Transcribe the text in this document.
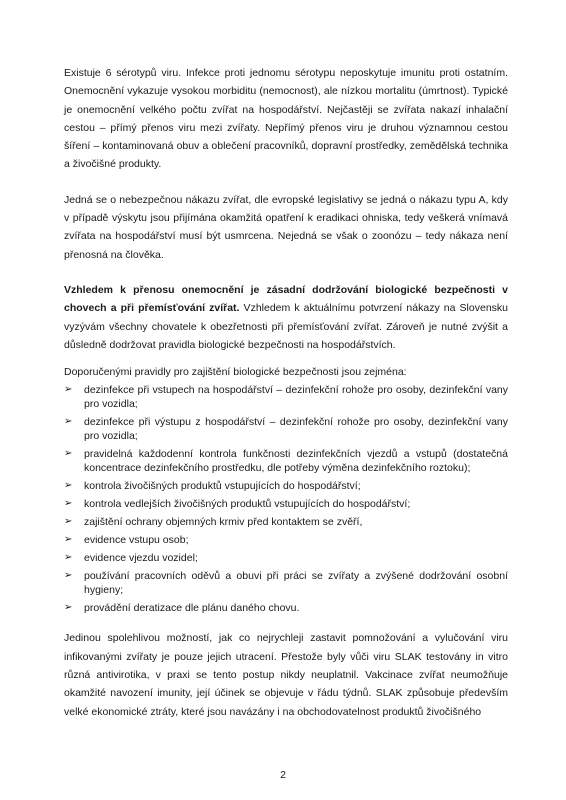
Existuje 6 sérotypů viru. Infekce proti jednomu sérotypu neposkytuje imunitu proti ostatním. Onemocnění vykazuje vysokou morbiditu (nemocnost), ale nízkou mortalitu (úmrtnost). Typické je onemocnění velkého počtu zvířat na hospodářství. Nejčastěji se zvířata nakazí inhalační cestou – přímý přenos viru mezi zvířaty. Nepřímý přenos viru je druhou významnou cestou šíření – kontaminovaná obuv a oblečení pracovníků, dopravní prostředky, zemědělská technika a živočišné produkty.

Jedná se o nebezpečnou nákazu zvířat, dle evropské legislativy se jedná o nákazu typu A, kdy v případě výskytu jsou přijímána okamžitá opatření k eradikaci ohniska, tedy veškerá vnímavá zvířata na hospodářství musí být usmrcena. Nejedná se však o zoonózu – tedy nákaza není přenosná na člověka.

Vzhledem k přenosu onemocnění je zásadní dodržování biologické bezpečnosti v chovech a při přemísťování zvířat. Vzhledem k aktuálnímu potvrzení nákazy na Slovensku vyzývám všechny chovatele k obezřetnosti při přemísťování zvířat. Zároveň je nutné zvýšit a důsledně dodržovat pravidla biologické bezpečnosti na hospodářstvích.

Doporučenými pravidly pro zajištění biologické bezpečnosti jsou zejména:

➢	dezinfekce při vstupech na hospodářství – dezinfekční rohože pro osoby, dezinfekční vany pro vozidla;
➢	dezinfekce při výstupu z hospodářství – dezinfekční rohože pro osoby, dezinfekční vany pro vozidla;
➢	pravidelná každodenní kontrola funkčnosti dezinfekčních vjezdů a vstupů (dostatečná koncentrace dezinfekčního prostředku, dle potřeby výměna dezinfekčního roztoku);
➢	kontrola živočišných produktů vstupujících do hospodářství;
➢	kontrola vedlejších živočišných produktů vstupujících do hospodářství;
➢	zajištění ochrany objemných krmiv před kontaktem se zvěří,
➢	evidence vstupu osob;
➢	evidence vjezdu vozidel;
➢	používání pracovních oděvů a obuvi při práci se zvířaty a zvýšené dodržování osobní hygieny;
➢	provádění deratizace dle plánu daného chovu.

Jedinou spolehlivou možností, jak co nejrychleji zastavit pomnožování a vylučování viru infikovanými zvířaty je pouze jejich utracení. Přestože byly vůči viru SLAK testovány in vitro různá antivirotika, v praxi se tento postup nikdy neuplatnil. Vakcinace zvířat neumožňuje okamžité navození imunity, její účinek se objevuje v řádu týdnů. SLAK způsobuje především velké ekonomické ztráty, které jsou navázány i na obchodovatelnost produktů živočišného

2
